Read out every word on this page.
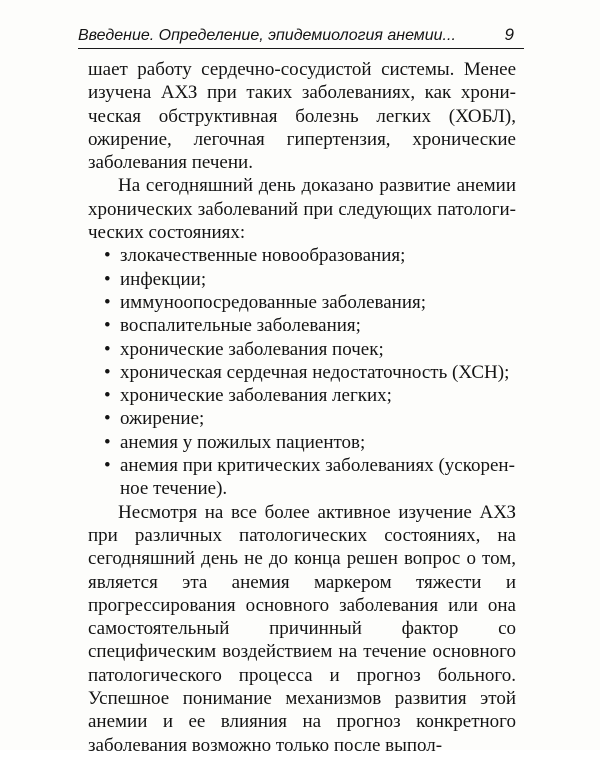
Введение. Определение, эпидемиология анемии...	9

шает работу сердечно-сосудистой системы. Менее изучена АХЗ при таких заболеваниях, как хроническая обструктивная болезнь легких (ХОБЛ), ожирение, легочная гипертензия, хронические заболевания печени.

На сегодняшний день доказано развитие анемии хронических заболеваний при следующих патологических состояниях:

• злокачественные новообразования;
• инфекции;
• иммуноопосредованные заболевания;
• воспалительные заболевания;
• хронические заболевания почек;
• хроническая сердечная недостаточность (ХСН);
• хронические заболевания легких;
• ожирение;
• анемия у пожилых пациентов;
• анемия при критических заболеваниях (ускоренное течение).

Несмотря на все более активное изучение АХЗ при различных патологических состояниях, на сегодняшний день не до конца решен вопрос о том, является эта анемия маркером тяжести и прогрессирования основного заболевания или она самостоятельный причинный фактор со специфическим воздействием на течение основного патологического процесса и прогноз больного. Успешное понимание механизмов развития этой анемии и ее влияния на прогноз конкретного заболевания возможно только после выпол-
